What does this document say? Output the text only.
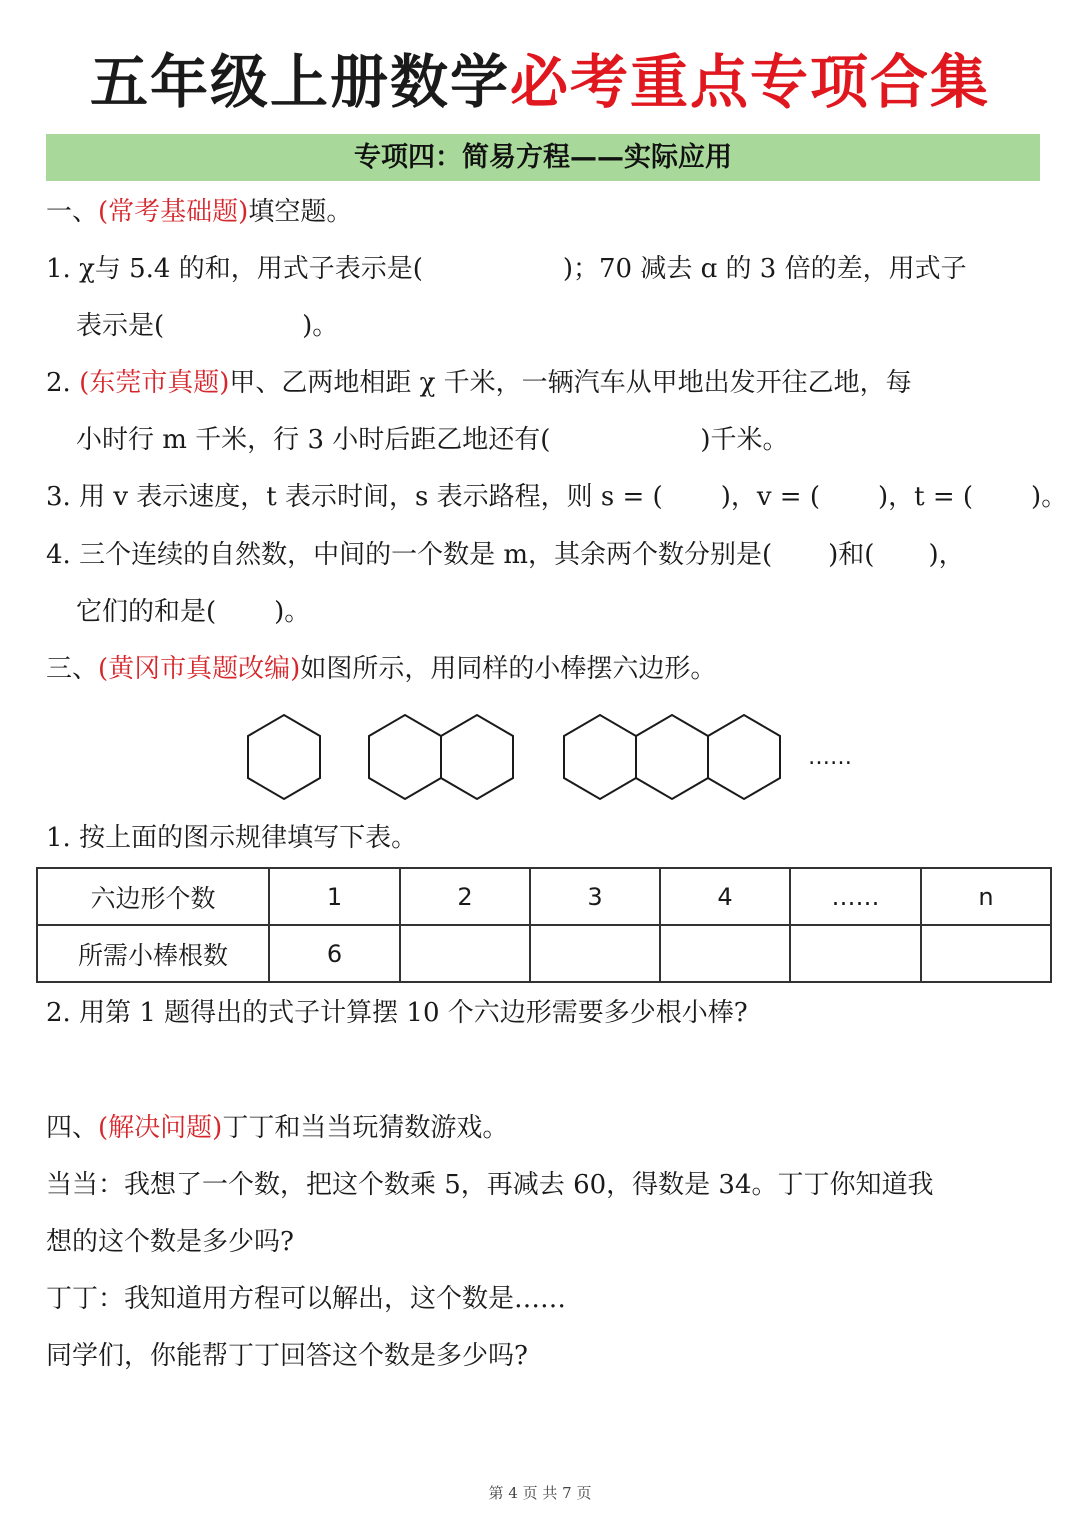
五年级上册数学必考重点专项合集
专项四：简易方程——实际应用
一、(常考基础题)填空题。
1. χ与 5.4 的和，用式子表示是(	)；70 减去 ɑ 的 3 倍的差，用式子
表示是(	)。
2. (东莞市真题)甲、乙两地相距 χ 千米，一辆汽车从甲地出发开往乙地，每
小时行 m 千米，行 3 小时后距乙地还有(	)千米。
3. 用 v 表示速度，t 表示时间，s 表示路程，则 s = ( )，v = ( )，t = ( )。
4. 三个连续的自然数，中间的一个数是 m，其余两个数分别是( )和( )，
它们的和是( )。
三、(黄冈市真题改编)如图所示，用同样的小棒摆六边形。
……
1. 按上面的图示规律填写下表。
六边形个数	1	2	3	4	……	n
所需小棒根数	6					
2. 用第 1 题得出的式子计算摆 10 个六边形需要多少根小棒?
四、(解决问题)丁丁和当当玩猜数游戏。
当当：我想了一个数，把这个数乘 5，再减去 60，得数是 34。丁丁你知道我
想的这个数是多少吗?
丁丁：我知道用方程可以解出，这个数是……
同学们，你能帮丁丁回答这个数是多少吗?
第 4 页 共 7 页
